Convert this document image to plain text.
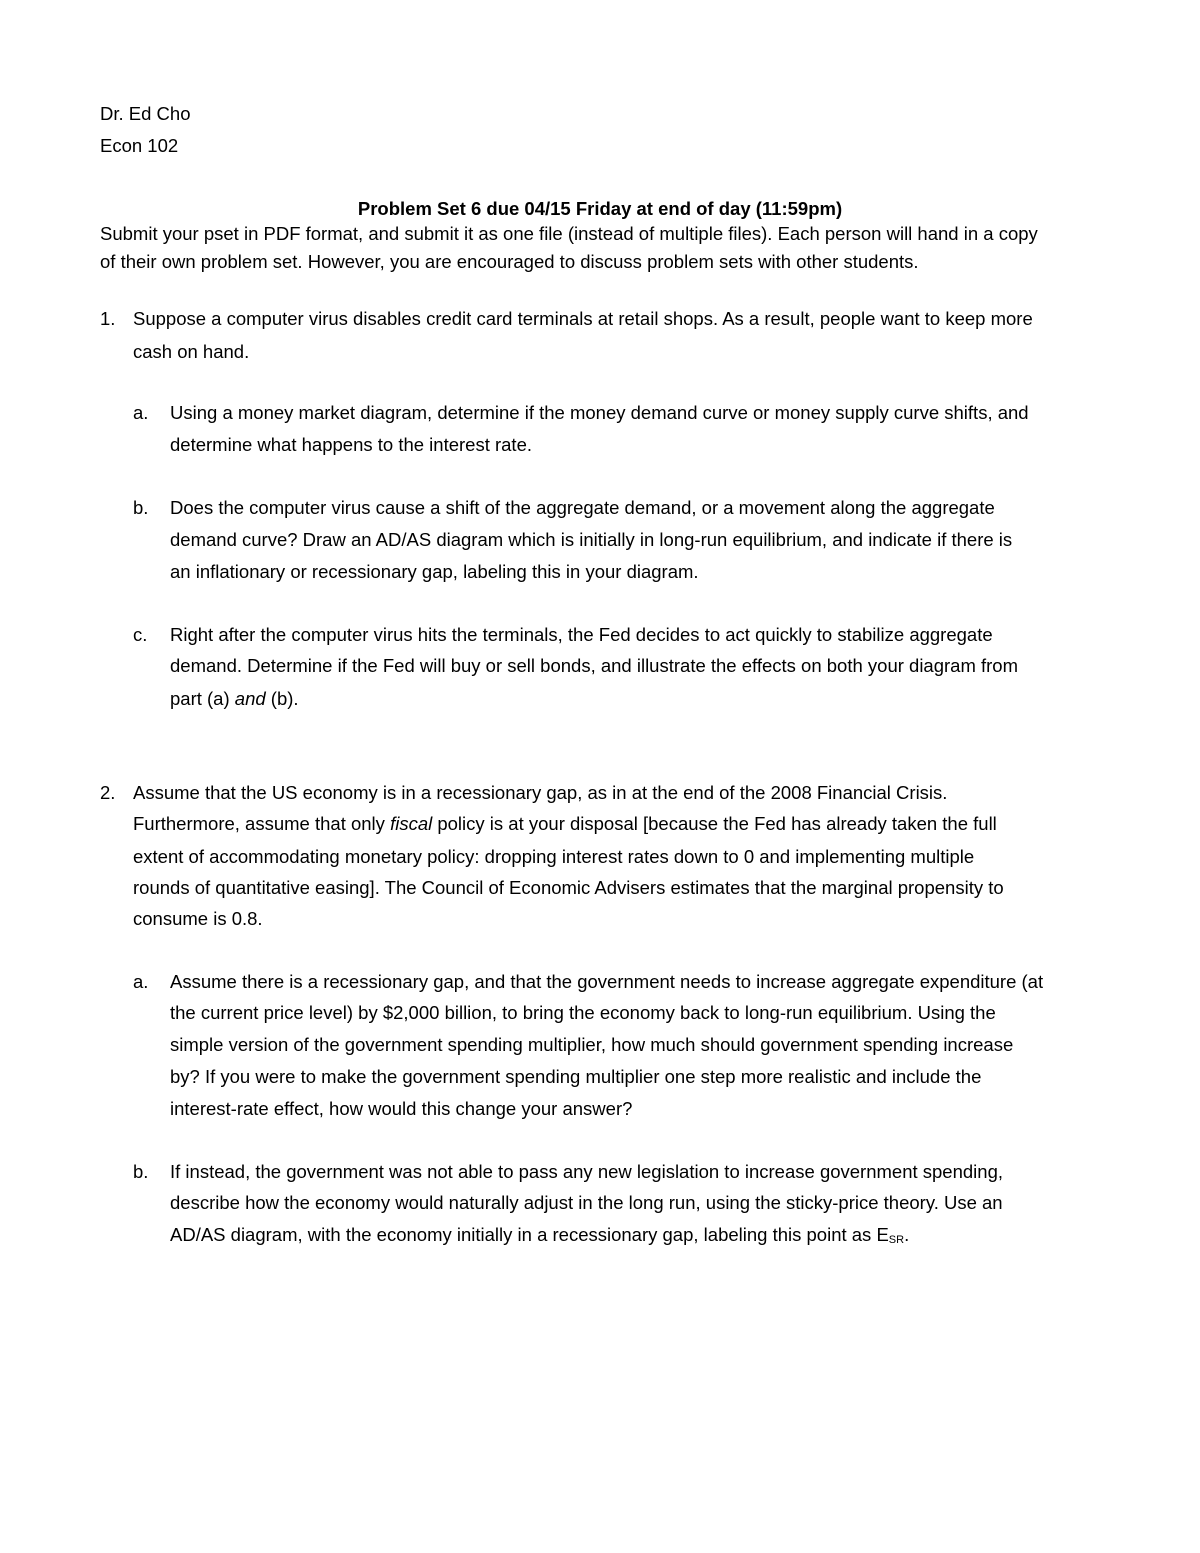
Dr. Ed Cho
Econ 102
Problem Set 6 due 04/15 Friday at end of day (11:59pm)
Submit your pset in PDF format, and submit it as one file (instead of multiple files). Each person will hand in a copy
of their own problem set. However, you are encouraged to discuss problem sets with other students.
1. Suppose a computer virus disables credit card terminals at retail shops. As a result, people want to keep more
cash on hand.
a. Using a money market diagram, determine if the money demand curve or money supply curve shifts, and
determine what happens to the interest rate.
b. Does the computer virus cause a shift of the aggregate demand, or a movement along the aggregate
demand curve? Draw an AD/AS diagram which is initially in long-run equilibrium, and indicate if there is
an inflationary or recessionary gap, labeling this in your diagram.
c. Right after the computer virus hits the terminals, the Fed decides to act quickly to stabilize aggregate
demand. Determine if the Fed will buy or sell bonds, and illustrate the effects on both your diagram from
part (a) and (b).
2. Assume that the US economy is in a recessionary gap, as in at the end of the 2008 Financial Crisis.
Furthermore, assume that only fiscal policy is at your disposal [because the Fed has already taken the full
extent of accommodating monetary policy: dropping interest rates down to 0 and implementing multiple
rounds of quantitative easing]. The Council of Economic Advisers estimates that the marginal propensity to
consume is 0.8.
a. Assume there is a recessionary gap, and that the government needs to increase aggregate expenditure (at
the current price level) by $2,000 billion, to bring the economy back to long-run equilibrium. Using the
simple version of the government spending multiplier, how much should government spending increase
by? If you were to make the government spending multiplier one step more realistic and include the
interest-rate effect, how would this change your answer?
b. If instead, the government was not able to pass any new legislation to increase government spending,
describe how the economy would naturally adjust in the long run, using the sticky-price theory. Use an
AD/AS diagram, with the economy initially in a recessionary gap, labeling this point as $E_{SR}$.
